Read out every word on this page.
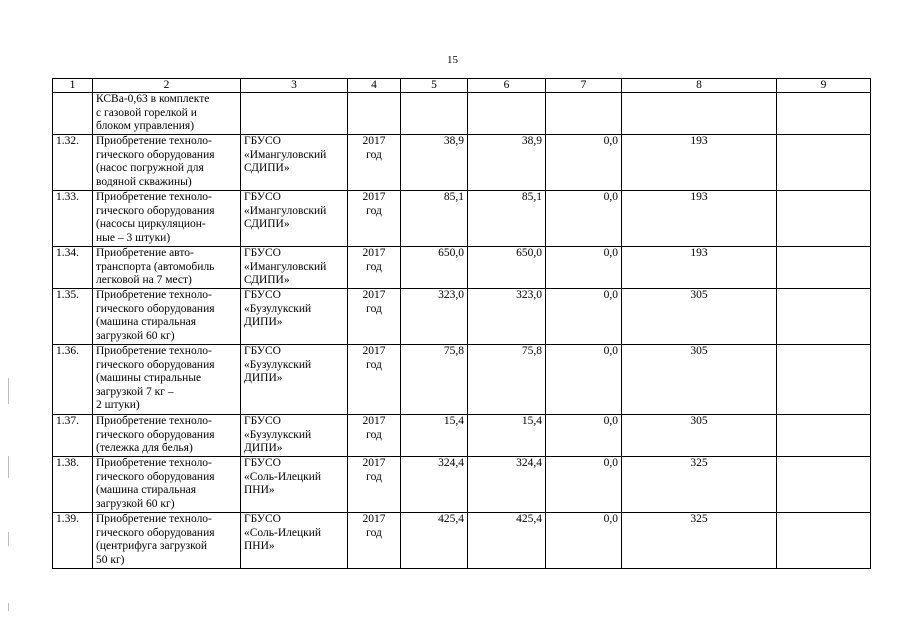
15
1	2	3	4	5	6	7	8	9
	КСВа-0,63 в комплекте
с газовой горелкой и
блоком управления)							
1.32.	Приобретение техноло-
гического оборудования
(насос погружной для
водяной скважины)	ГБУСО
«Имангуловский
СДИПИ»	2017
год	38,9	38,9	0,0	193	
1.33.	Приобретение техноло-
гического оборудования
(насосы циркуляцион-
ные – 3 штуки)	ГБУСО
«Имангуловский
СДИПИ»	2017
год	85,1	85,1	0,0	193	
1.34.	Приобретение авто-
транспорта (автомобиль
легковой на 7 мест)	ГБУСО
«Имангуловский
СДИПИ»	2017
год	650,0	650,0	0,0	193	
1.35.	Приобретение техноло-
гического оборудования
(машина стиральная
загрузкой 60 кг)	ГБУСО
«Бузулукский
ДИПИ»	2017
год	323,0	323,0	0,0	305	
1.36.	Приобретение техноло-
гического оборудования
(машины стиральные
загрузкой 7 кг –
2 штуки)	ГБУСО
«Бузулукский
ДИПИ»	2017
год	75,8	75,8	0,0	305	
1.37.	Приобретение техноло-
гического оборудования
(тележка для белья)	ГБУСО
«Бузулукский
ДИПИ»	2017
год	15,4	15,4	0,0	305	
1.38.	Приобретение техноло-
гического оборудования
(машина стиральная
загрузкой 60 кг)	ГБУСО
«Соль-Илецкий
ПНИ»	2017
год	324,4	324,4	0,0	325	
1.39.	Приобретение техноло-
гического оборудования
(центрифуга загрузкой
50 кг)	ГБУСО
«Соль-Илецкий
ПНИ»	2017
год	425,4	425,4	0,0	325	
